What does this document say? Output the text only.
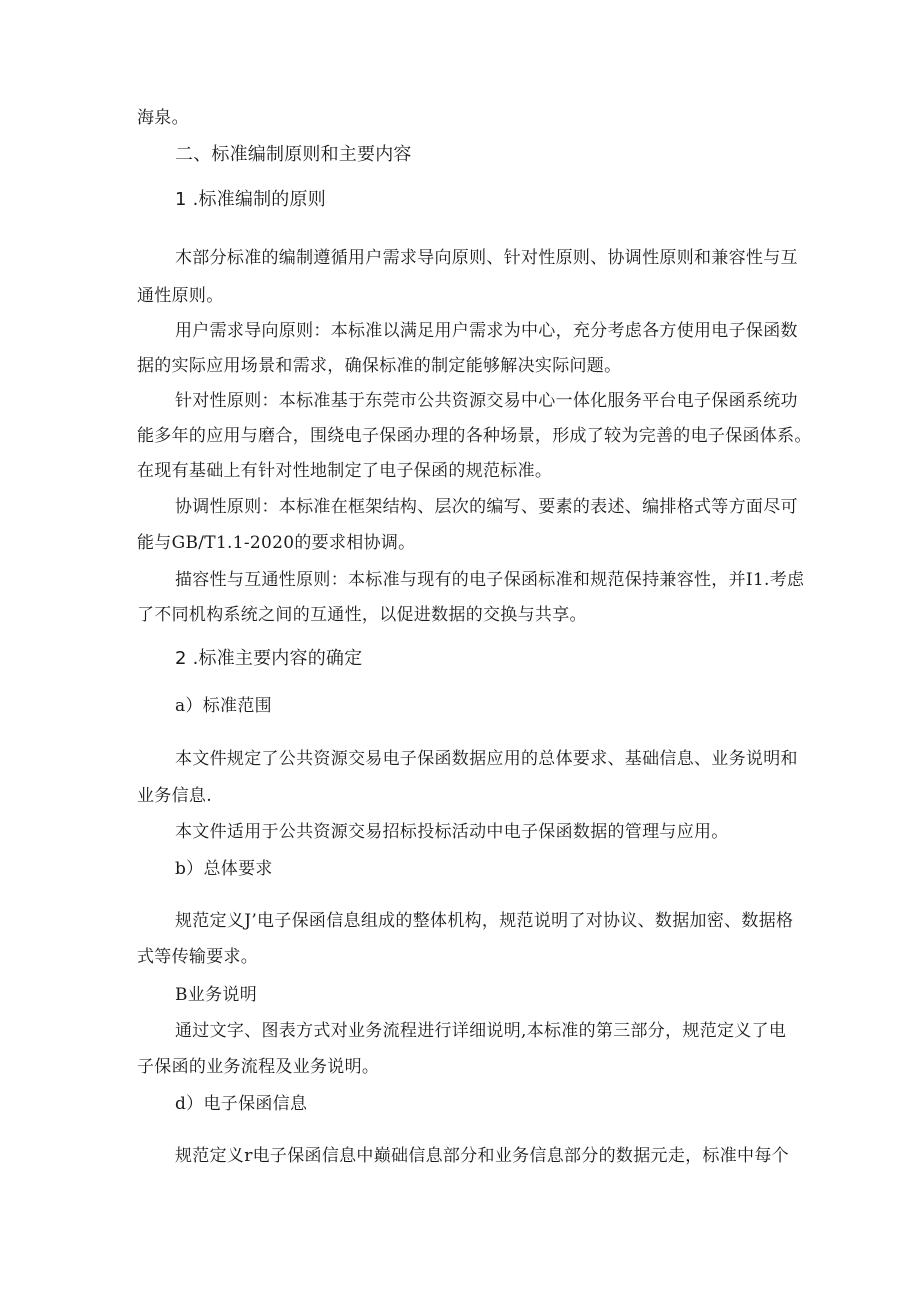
海泉。
二、标准编制原则和主要内容
1 .标准编制的原则
木部分标准的编制遵循用户需求导向原则、针对性原则、协调性原则和兼容性与互
通性原则。
用户需求导向原则：本标准以满足用户需求为中心，充分考虑各方使用电子保函数
据的实际应用场景和需求，确保标准的制定能够解决实际问题。
针对性原则：本标准基于东莞市公共资源交易中心一体化服务平台电子保函系统功
能多年的应用与磨合，围绕电子保函办理的各种场景，形成了较为完善的电子保函体系。
在现有基础上有针对性地制定了电子保函的规范标准。
协调性原则：本标准在框架结构、层次的编写、要素的表述、编排格式等方面尽可
能与GB/T1.1-2020的要求相协调。
描容性与互通性原则：本标准与现有的电子保函标准和规范保持兼容性，并I1.考虑
了不同机构系统之间的互通性，以促进数据的交换与共享。
2 .标准主要内容的确定
a）标准范围
本文件规定了公共资源交易电子保函数据应用的总体要求、基础信息、业务说明和
业务信息.
本文件适用于公共资源交易招标投标活动中电子保函数据的管理与应用。
b）总体要求
规范定义J’电子保函信息组成的整体机构，规范说明了对协议、数据加密、数据格
式等传输要求。
B业务说明
通过文字、图表方式对业务流程进行详细说明,本标准的第三部分，规范定义了电
子保函的业务流程及业务说明。
d）电子保函信息
规范定义r电子保函信息中巅础信息部分和业务信息部分的数据元走，标准中每个
